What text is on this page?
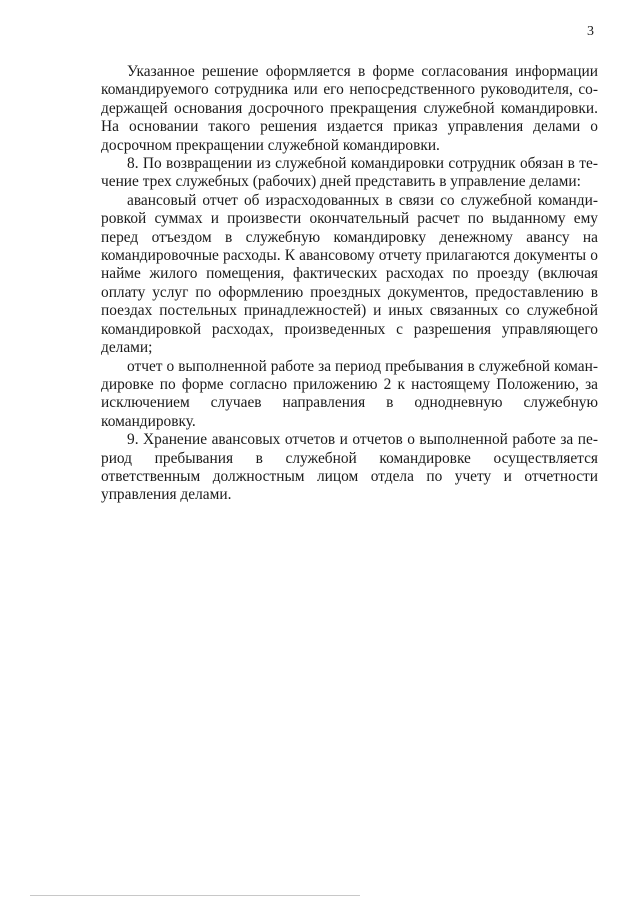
3

Указанное решение оформляется в форме согласования информации командируемого сотрудника или его непосредственного руководителя, содержащей основания досрочного прекращения служебной командировки. На основании такого решения издается приказ управления делами о досрочном прекращении служебной командировки.

8. По возвращении из служебной командировки сотрудник обязан в течение трех служебных (рабочих) дней представить в управление делами:

авансовый отчет об израсходованных в связи со служебной командировкой суммах и произвести окончательный расчет по выданному ему перед отъездом в служебную командировку денежному авансу на командировочные расходы. К авансовому отчету прилагаются документы о найме жилого помещения, фактических расходах по проезду (включая оплату услуг по оформлению проездных документов, предоставлению в поездах постельных принадлежностей) и иных связанных со служебной командировкой расходах, произведенных с разрешения управляющего делами;

отчет о выполненной работе за период пребывания в служебной командировке по форме согласно приложению 2 к настоящему Положению, за исключением случаев направления в однодневную служебную командировку.

9. Хранение авансовых отчетов и отчетов о выполненной работе за период пребывания в служебной командировке осуществляется ответственным должностным лицом отдела по учету и отчетности управления делами.
